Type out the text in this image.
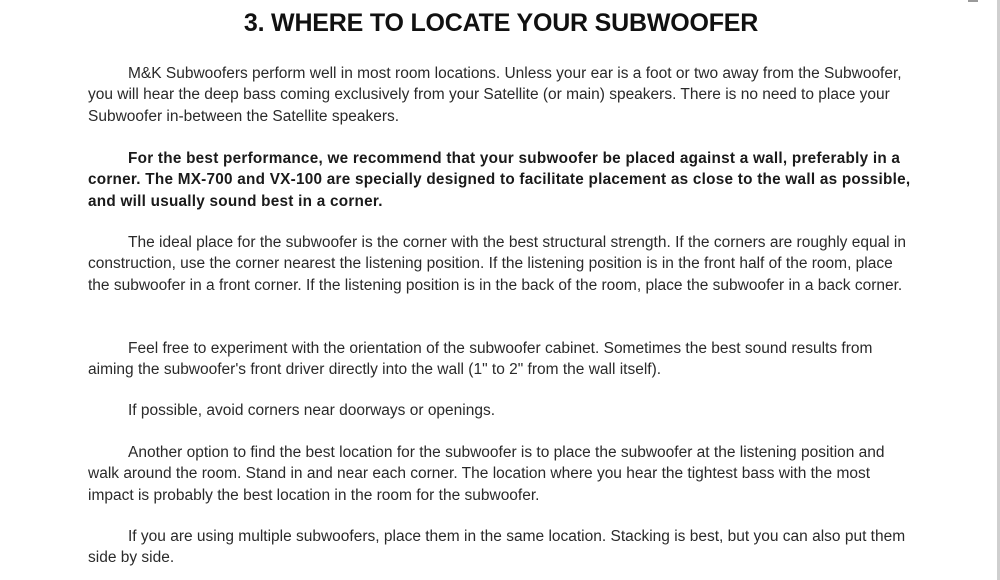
3. WHERE TO LOCATE YOUR SUBWOOFER

M&K Subwoofers perform well in most room locations. Unless your ear is a foot or two away from the Subwoofer, you will hear the deep bass coming exclusively from your Satellite (or main) speakers. There is no need to place your Subwoofer in-between the Satellite speakers.

For the best performance, we recommend that your subwoofer be placed against a wall, preferably in a corner. The MX-700 and VX-100 are specially designed to facilitate placement as close to the wall as possible, and will usually sound best in a corner.

The ideal place for the subwoofer is the corner with the best structural strength. If the corners are roughly equal in construction, use the corner nearest the listening position. If the listening position is in the front half of the room, place the subwoofer in a front corner. If the listening position is in the back of the room, place the subwoofer in a back corner.

Feel free to experiment with the orientation of the subwoofer cabinet. Sometimes the best sound results from aiming the subwoofer's front driver directly into the wall (1" to 2" from the wall itself).

If possible, avoid corners near doorways or openings.

Another option to find the best location for the subwoofer is to place the subwoofer at the listening position and walk around the room. Stand in and near each corner. The location where you hear the tightest bass with the most impact is probably the best location in the room for the subwoofer.

If you are using multiple subwoofers, place them in the same location. Stacking is best, but you can also put them side by side.
